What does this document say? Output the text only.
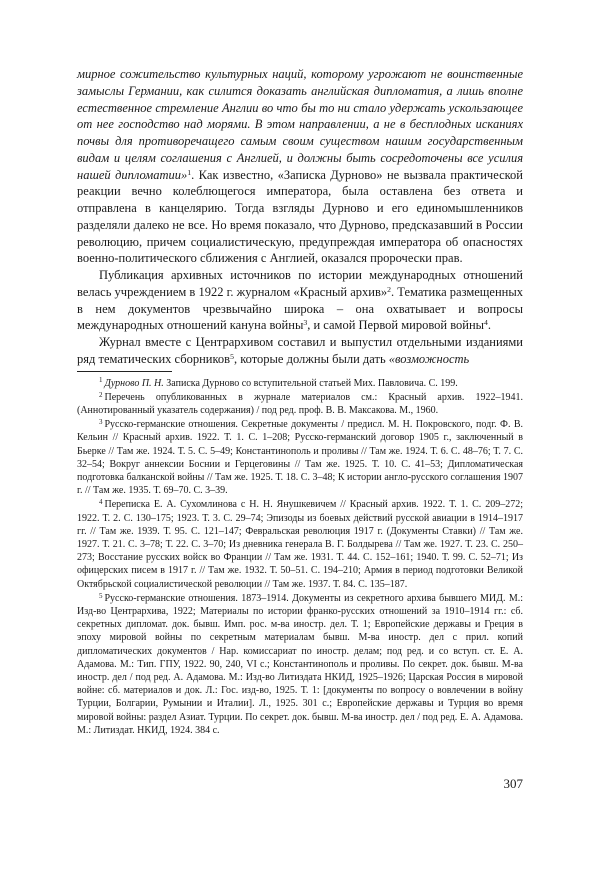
мирное сожительство культурных наций, которому угрожают не воинственные замыслы Германии, как силится доказать английская дипломатия, а лишь вполне естественное стремление Англии во что бы то ни стало удержать ускользающее от нее господство над морями. В этом направлении, а не в бесплодных исканиях почвы для противоречащего самым своим существом нашим государственным видам и целям соглашения с Англией, и должны быть сосредоточены все усилия нашей дипломатии»$^1$. Как известно, «Записка Дурново» не вызвала практической реакции вечно колеблющегося императора, была оставлена без ответа и отправлена в канцелярию. Тогда взгляды Дурново и его единомышленников разделяли далеко не все. Но время показало, что Дурново, предсказавший в России революцию, причем социалистическую, предупреждая императора об опасностях военно-политического сближения с Англией, оказался пророчески прав.

Публикация архивных источников по истории международных отношений велась учреждением в 1922 г. журналом «Красный архив»$^2$. Тематика размещенных в нем документов чрезвычайно широка – она охватывает и вопросы международных отношений кануна войны$^3$, и самой Первой мировой войны$^4$.

Журнал вместе с Центрархивом составил и выпустил отдельными изданиями ряд тематических сборников$^5$, которые должны были дать «возможность

$^1$ Дурново П. Н. Записка Дурново со вступительной статьей Мих. Павловича. С. 199.

$^2$ Перечень опубликованных в журнале материалов см.: Красный архив. 1922–1941. (Аннотированный указатель содержания) / под ред. проф. В. В. Максакова. М., 1960.

$^3$ Русско-германские отношения. Секретные документы / предисл. М. Н. Покровского, подг. Ф. В. Кельин // Красный архив. 1922. Т. 1. С. 1–208; Русско-германский договор 1905 г., заключенный в Бьерке // Там же. 1924. Т. 5. С. 5–49; Константинополь и проливы // Там же. 1924. Т. 6. С. 48–76; Т. 7. С. 32–54; Вокруг аннексии Боснии и Герцеговины // Там же. 1925. Т. 10. С. 41–53; Дипломатическая подготовка балканской войны // Там же. 1925. Т. 18. С. 3–48; К истории англо-русского соглашения 1907 г. // Там же. 1935. Т. 69–70. С. 3–39.

$^4$ Переписка Е. А. Сухомлинова с Н. Н. Янушкевичем // Красный архив. 1922. Т. 1. С. 209–272; 1922. Т. 2. С. 130–175; 1923. Т. 3. С. 29–74; Эпизоды из боевых действий русской авиации в 1914–1917 гг. // Там же. 1939. Т. 95. С. 121–147; Февральская революция 1917 г. (Документы Ставки) // Там же. 1927. Т. 21. С. 3–78; Т. 22. С. 3–70; Из дневника генерала В. Г. Болдырева // Там же. 1927. Т. 23. С. 250–273; Восстание русских войск во Франции // Там же. 1931. Т. 44. С. 152–161; 1940. Т. 99. С. 52–71; Из офицерских писем в 1917 г. // Там же. 1932. Т. 50–51. С. 194–210; Армия в период подготовки Великой Октябрьской социалистической революции // Там же. 1937. Т. 84. С. 135–187.

$^5$ Русско-германские отношения. 1873–1914. Документы из секретного архива бывшего МИД. М.: Изд-во Центрархива, 1922; Материалы по истории франко-русских отношений за 1910–1914 гг.: сб. секретных дипломат. док. бывш. Имп. рос. м-ва иностр. дел. Т. 1; Европейские державы и Греция в эпоху мировой войны по секретным материалам бывш. М-ва иностр. дел с прил. копий дипломатических документов / Нар. комиссариат по иностр. делам; под ред. и со вступ. ст. Е. А. Адамова. М.: Тип. ГПУ, 1922. 90, 240, VI с.; Константинополь и проливы. По секрет. док. бывш. М-ва иностр. дел / под ред. А. Адамова. М.: Изд-во Литиздата НКИД, 1925–1926; Царская Россия в мировой войне: сб. материалов и док. Л.: Гос. изд-во, 1925. Т. 1: [документы по вопросу о вовлечении в войну Турции, Болгарии, Румынии и Италии]. Л., 1925. 301 с.; Европейские державы и Турция во время мировой войны: раздел Азиат. Турции. По секрет. док. бывш. М-ва иностр. дел / под ред. Е. А. Адамова. М.: Литиздат. НКИД, 1924. 384 с.

307
